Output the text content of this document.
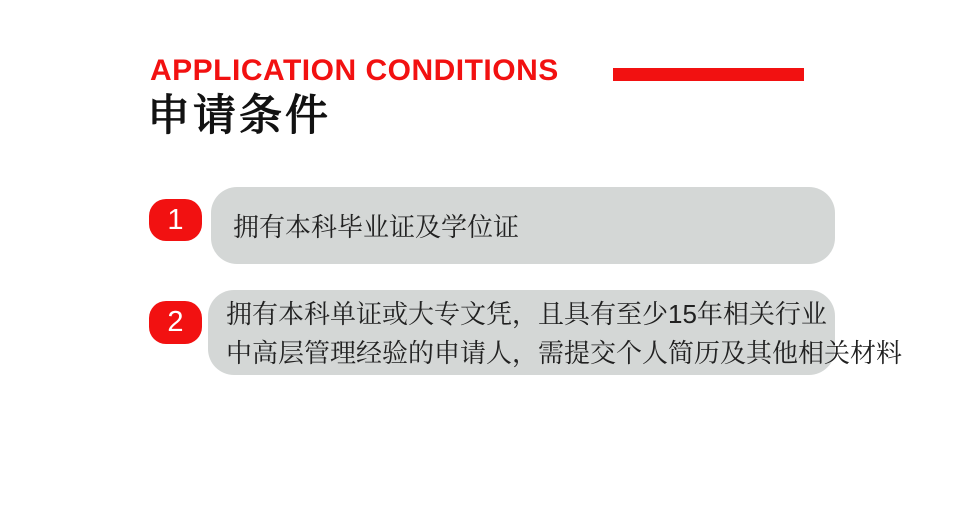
APPLICATION CONDITIONS
申请条件
1 拥有本科毕业证及学位证
2 拥有本科单证或大专文凭，且具有至少15年相关行业
中高层管理经验的申请人，需提交个人简历及其他相关材料
